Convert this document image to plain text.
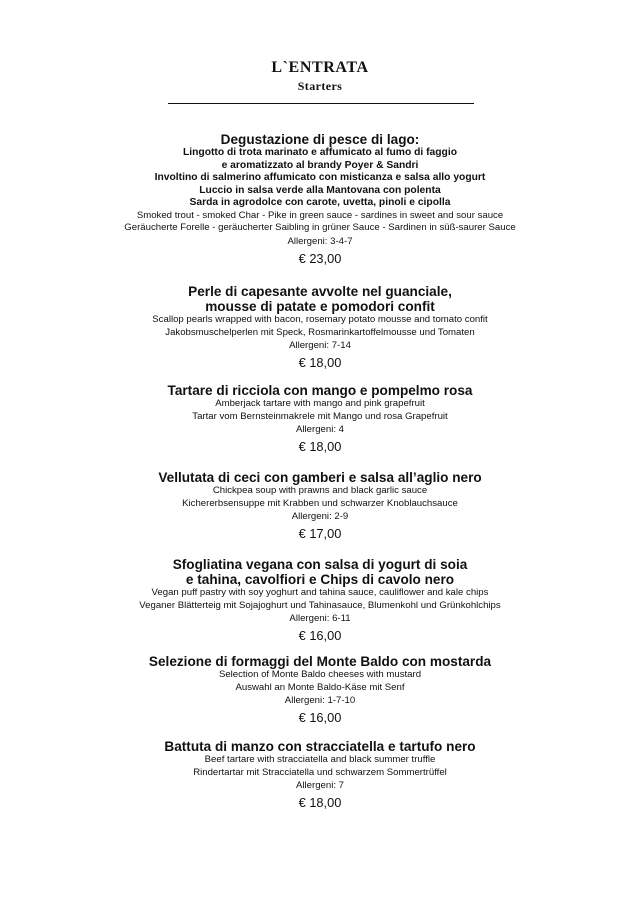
L`ENTRATA
Starters
Degustazione di pesce di lago:
Lingotto di trota marinato e affumicato al fumo di faggio
e aromatizzato al brandy Poyer & Sandri
Involtino di salmerino affumicato con misticanza e salsa allo yogurt
Luccio in salsa verde alla Mantovana con polenta
Sarda in agrodolce con carote, uvetta, pinoli e cipolla
Smoked trout - smoked Char - Pike in green sauce - sardines in sweet and sour sauce
Geräucherte Forelle - geräucherter Saibling in grüner Sauce - Sardinen in süß-saurer Sauce
Allergeni: 3-4-7
€ 23,00
Perle di capesante avvolte nel guanciale,
mousse di patate e pomodori confit
Scallop pearls wrapped with bacon, rosemary potato mousse and tomato confit
Jakobsmuschelperlen mit Speck, Rosmarinkartoffelmousse und Tomaten
Allergeni: 7-14
€ 18,00
Tartare di ricciola con mango e pompelmo rosa
Amberjack tartare with mango and pink grapefruit
Tartar vom Bernsteinmakrele mit Mango und rosa Grapefruit
Allergeni: 4
€ 18,00
Vellutata di ceci con gamberi e salsa all’aglio nero
Chickpea soup with prawns and black garlic sauce
Kichererbsensuppe mit Krabben und schwarzer Knoblauchsauce
Allergeni: 2-9
€ 17,00
Sfogliatina vegana con salsa di yogurt di soia
e tahina, cavolfiori e Chips di cavolo nero
Vegan puff pastry with soy yoghurt and tahina sauce, cauliflower and kale chips
Veganer Blätterteig mit Sojajoghurt und Tahinasauce, Blumenkohl und Grünkohlchips
Allergeni: 6-11
€ 16,00
Selezione di formaggi del Monte Baldo con mostarda
Selection of Monte Baldo cheeses with mustard
Auswahl an Monte Baldo-Käse mit Senf
Allergeni: 1-7-10
€ 16,00
Battuta di manzo con stracciatella e tartufo nero
Beef tartare with stracciatella and black summer truffle
Rindertartar mit Stracciatella und schwarzem Sommertrüffel
Allergeni: 7
€ 18,00
